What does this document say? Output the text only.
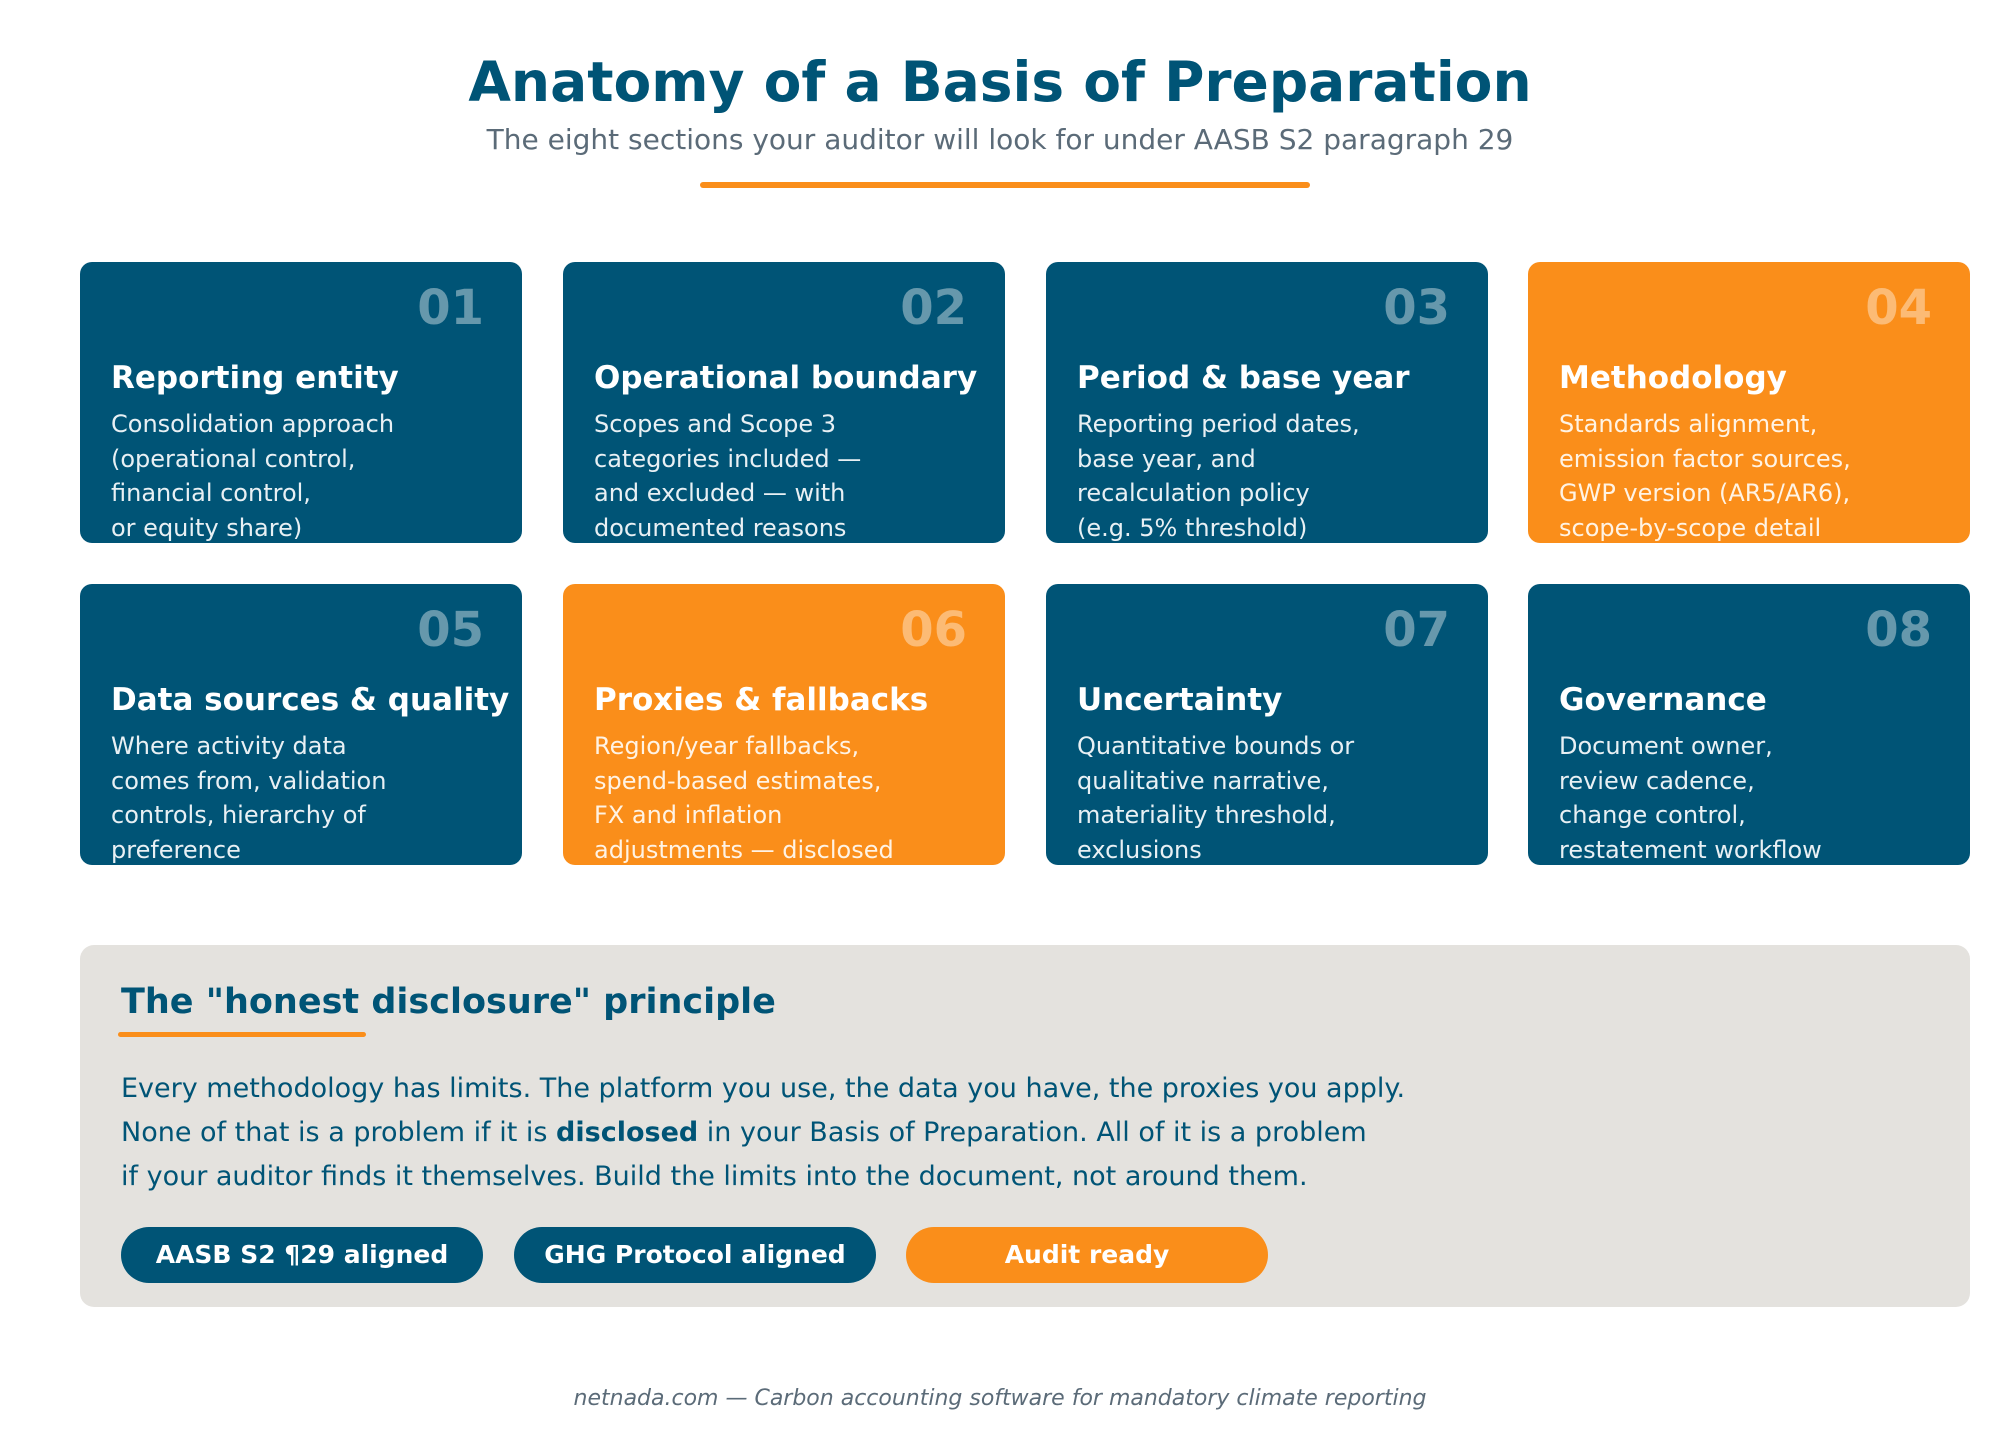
Anatomy of a Basis of Preparation
The eight sections your auditor will look for under AASB S2 paragraph 29
01
Reporting entity
Consolidation approach
(operational control,
financial control,
or equity share)
02
Operational boundary
Scopes and Scope 3
categories included —
and excluded — with
documented reasons
03
Period & base year
Reporting period dates,
base year, and
recalculation policy
(e.g. 5% threshold)
04
Methodology
Standards alignment,
emission factor sources,
GWP version (AR5/AR6),
scope-by-scope detail
05
Data sources & quality
Where activity data
comes from, validation
controls, hierarchy of
preference
06
Proxies & fallbacks
Region/year fallbacks,
spend-based estimates,
FX and inflation
adjustments — disclosed
07
Uncertainty
Quantitative bounds or
qualitative narrative,
materiality threshold,
exclusions
08
Governance
Document owner,
review cadence,
change control,
restatement workflow
The "honest disclosure" principle

Every methodology has limits. The platform you use, the data you have, the proxies you apply.
None of that is a problem if it is disclosed in your Basis of Preparation. All of it is a problem
if your auditor finds it themselves. Build the limits into the document, not around them.

AASB S2 ¶29 aligned	GHG Protocol aligned	Audit ready
netnada.com — Carbon accounting software for mandatory climate reporting
